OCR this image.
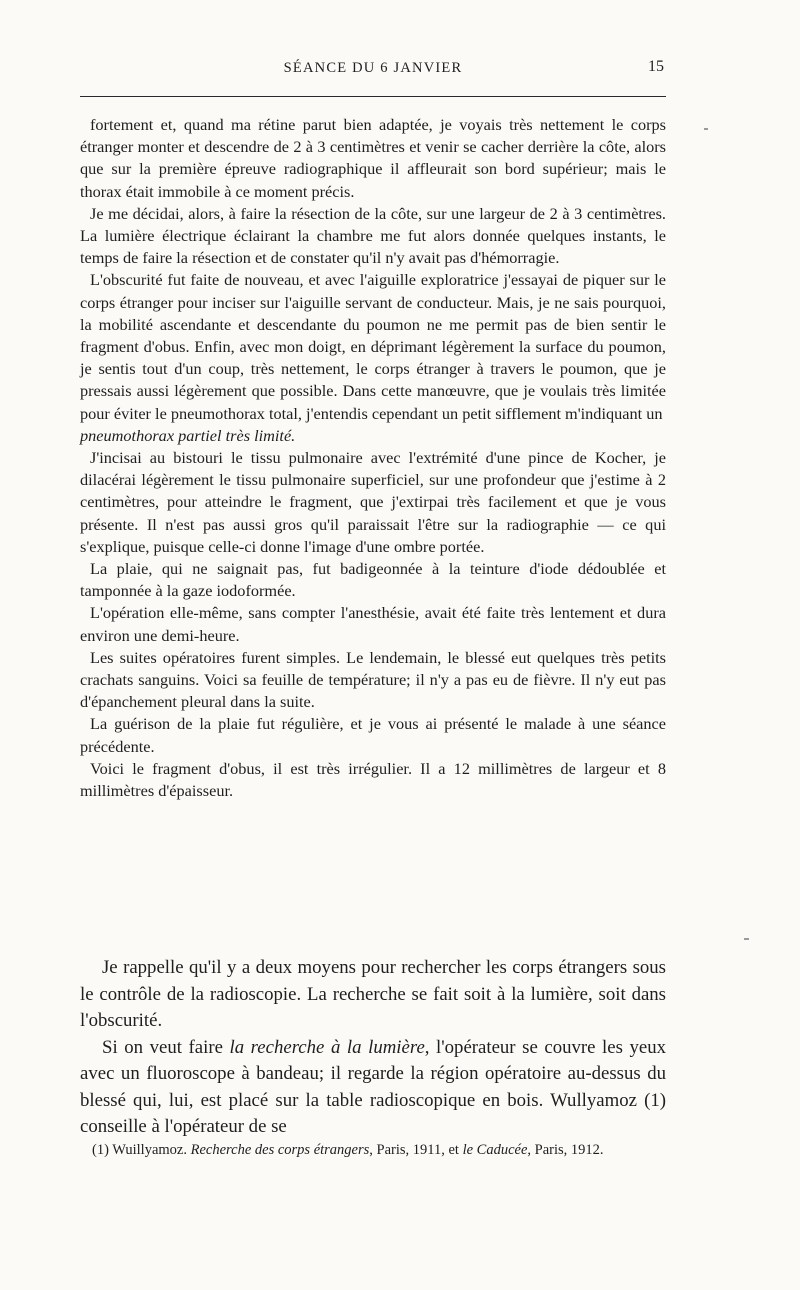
SÉANCE DU 6 JANVIER	15

fortement et, quand ma rétine parut bien adaptée, je voyais très nettement le corps étranger monter et descendre de 2 à 3 centimètres et venir se cacher derrière la côte, alors que sur la première épreuve radiographique il affleurait son bord supérieur; mais le thorax était immobile à ce moment précis.

Je me décidai, alors, à faire la résection de la côte, sur une largeur de 2 à 3 centimètres. La lumière électrique éclairant la chambre me fut alors donnée quelques instants, le temps de faire la résection et de constater qu'il n'y avait pas d'hémorragie.

L'obscurité fut faite de nouveau, et avec l'aiguille exploratrice j'essayai de piquer sur le corps étranger pour inciser sur l'aiguille servant de conducteur. Mais, je ne sais pourquoi, la mobilité ascendante et descendante du poumon ne me permit pas de bien sentir le fragment d'obus. Enfin, avec mon doigt, en déprimant légèrement la surface du poumon, je sentis tout d'un coup, très nettement, le corps étranger à travers le poumon, que je pressais aussi légèrement que possible. Dans cette manœuvre, que je voulais très limitée pour éviter le pneumothorax total, j'entendis cependant un petit sifflement m'indiquant un

pneumothorax partiel très limité.

J'incisai au bistouri le tissu pulmonaire avec l'extrémité d'une pince de Kocher, je dilacérai légèrement le tissu pulmonaire superficiel, sur une profondeur que j'estime à 2 centimètres, pour atteindre le fragment, que j'extirpai très facilement et que je vous présente. Il n'est pas aussi gros qu'il paraissait l'être sur la radiographie — ce qui s'explique, puisque celle-ci donne l'image d'une ombre portée.

La plaie, qui ne saignait pas, fut badigeonnée à la teinture d'iode dédoublée et tamponnée à la gaze iodoformée.

L'opération elle-même, sans compter l'anesthésie, avait été faite très lentement et dura environ une demi-heure.

Les suites opératoires furent simples. Le lendemain, le blessé eut quelques très petits crachats sanguins. Voici sa feuille de température; il n'y a pas eu de fièvre. Il n'y eut pas d'épanchement pleural dans la suite.

La guérison de la plaie fut régulière, et je vous ai présenté le malade à une séance précédente.

Voici le fragment d'obus, il est très irrégulier. Il a 12 millimètres de largeur et 8 millimètres d'épaisseur.

Je rappelle qu'il y a deux moyens pour rechercher les corps étrangers sous le contrôle de la radioscopie. La recherche se fait soit à la lumière, soit dans l'obscurité.

Si on veut faire la recherche à la lumière, l'opérateur se couvre les yeux avec un fluoroscope à bandeau; il regarde la région opératoire au-dessus du blessé qui, lui, est placé sur la table radioscopique en bois. Wullyamoz (1) conseille à l'opérateur de se

(1) Wuillyamoz. Recherche des corps étrangers, Paris, 1911, et le Caducée, Paris, 1912.
